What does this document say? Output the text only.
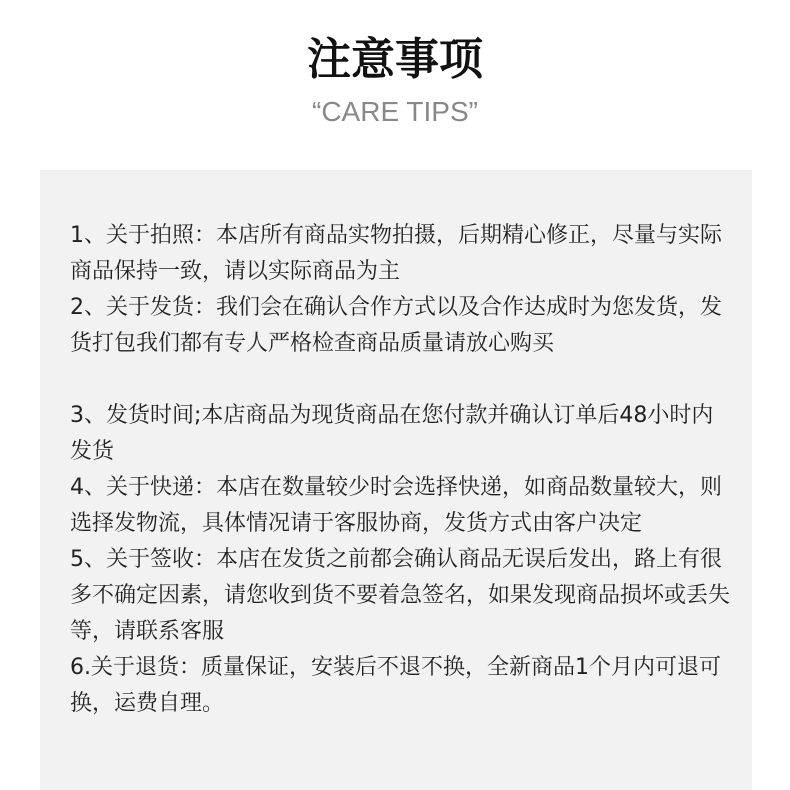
注意事项

“CARE TIPS”

1、关于拍照：本店所有商品实物拍摄，后期精心修正，尽量与实际商品保持一致，请以实际商品为主
2、关于发货：我们会在确认合作方式以及合作达成时为您发货，发货打包我们都有专人严格检查商品质量请放心购买
3、发货时间;本店商品为现货商品在您付款并确认订单后48小时内发货
4、关于快递：本店在数量较少时会选择快递，如商品数量较大，则选择发物流，具体情况请于客服协商，发货方式由客户决定
5、关于签收：本店在发货之前都会确认商品无误后发出，路上有很多不确定因素，请您收到货不要着急签名，如果发现商品损坏或丢失等，请联系客服
6.关于退货：质量保证，安装后不退不换，全新商品1个月内可退可换，运费自理。
